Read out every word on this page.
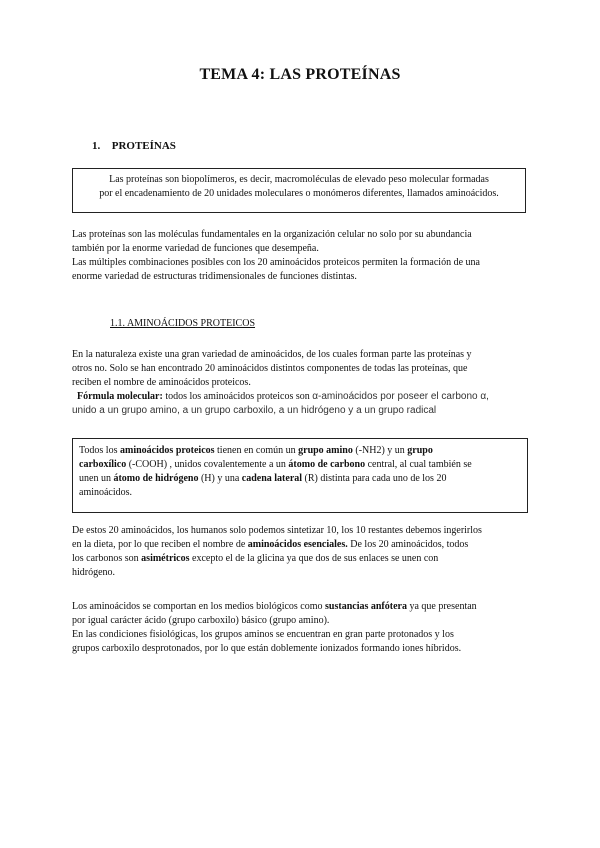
TEMA 4: LAS PROTEÍNAS
1. PROTEÍNAS
Las proteínas son biopolímeros, es decir, macromoléculas de elevado peso molecular formadas
por el encadenamiento de 20 unidades moleculares o monómeros diferentes, llamados aminoácidos.
Las proteínas son las moléculas fundamentales en la organización celular no solo por su abundancia
también por la enorme variedad de funciones que desempeña.
Las múltiples combinaciones posibles con los 20 aminoácidos proteicos permiten la formación de una
enorme variedad de estructuras tridimensionales de funciones distintas.
1.1. AMINOÁCIDOS PROTEICOS
En la naturaleza existe una gran variedad de aminoácidos, de los cuales forman parte las proteínas y
otros no. Solo se han encontrado 20 aminoácidos distintos componentes de todas las proteínas, que
reciben el nombre de aminoácidos proteicos.
Fórmula molecular: todos los aminoácidos proteicos son α-aminoácidos por poseer el carbono α,
unido a un grupo amino, a un grupo carboxilo, a un hidrógeno y a un grupo radical
Todos los aminoácidos proteicos tienen en común un grupo amino (-NH2) y un grupo
carboxílico (-COOH) , unidos covalentemente a un átomo de carbono central, al cual también se
unen un átomo de hidrógeno (H) y una cadena lateral (R) distinta para cada uno de los 20
aminoácidos.
De estos 20 aminoácidos, los humanos solo podemos sintetizar 10, los 10 restantes debemos ingerirlos
en la dieta, por lo que reciben el nombre de aminoácidos esenciales. De los 20 aminoácidos, todos
los carbonos son asimétricos excepto el de la glicina ya que dos de sus enlaces se unen con
hidrógeno.
Los aminoácidos se comportan en los medios biológicos como sustancias anfótera ya que presentan
por igual carácter ácido (grupo carboxilo) básico (grupo amino).
En las condiciones fisiológicas, los grupos aminos se encuentran en gran parte protonados y los
grupos carboxilo desprotonados, por lo que están doblemente ionizados formando iones híbridos.
